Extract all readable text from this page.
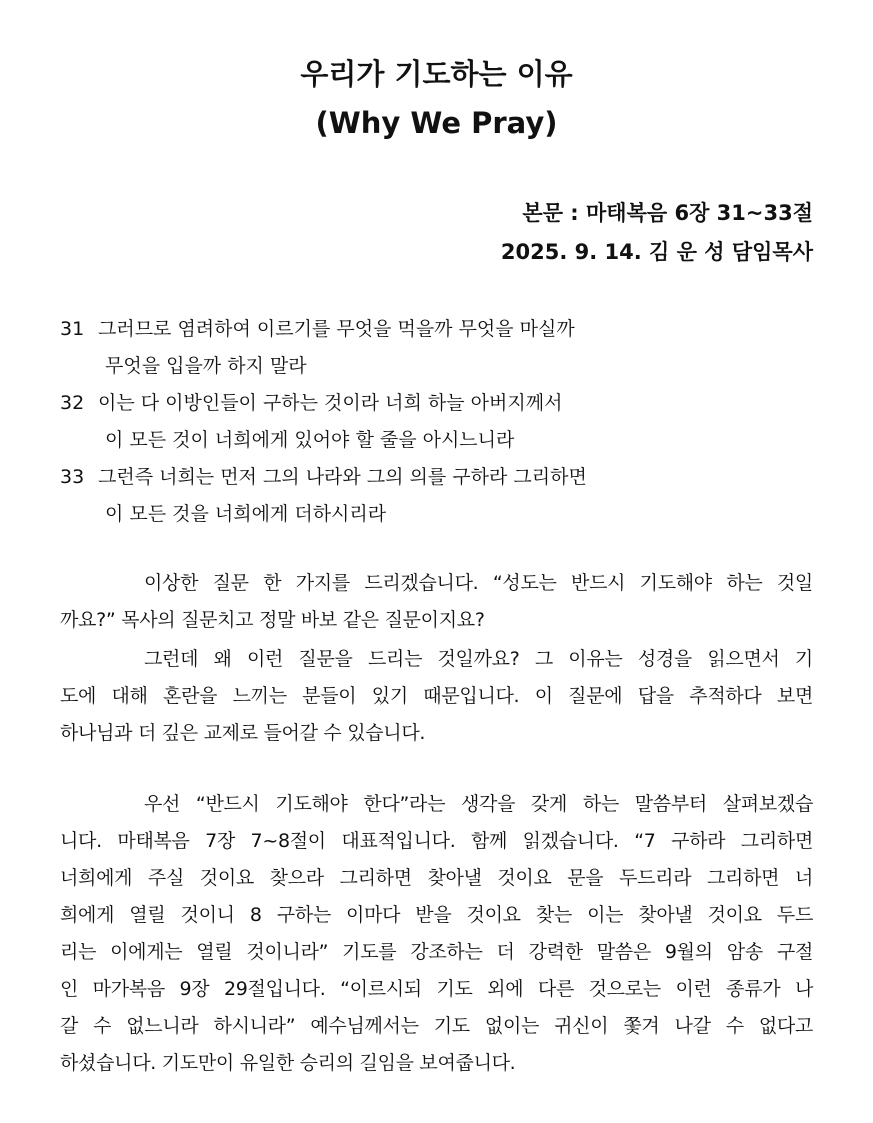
우리가 기도하는 이유
(Why We Pray)
본문 : 마태복음 6장 31~33절
2025. 9. 14. 김 운 성 담임목사
31 그러므로 염려하여 이르기를 무엇을 먹을까 무엇을 마실까
무엇을 입을까 하지 말라
32 이는 다 이방인들이 구하는 것이라 너희 하늘 아버지께서
이 모든 것이 너희에게 있어야 할 줄을 아시느니라
33 그런즉 너희는 먼저 그의 나라와 그의 의를 구하라 그리하면
이 모든 것을 너희에게 더하시리라
이상한 질문 한 가지를 드리겠습니다. “성도는 반드시 기도해야 하는 것일
까요?” 목사의 질문치고 정말 바보 같은 질문이지요?
그런데 왜 이런 질문을 드리는 것일까요? 그 이유는 성경을 읽으면서 기
도에 대해 혼란을 느끼는 분들이 있기 때문입니다. 이 질문에 답을 추적하다 보면
하나님과 더 깊은 교제로 들어갈 수 있습니다.
우선 “반드시 기도해야 한다”라는 생각을 갖게 하는 말씀부터 살펴보겠습
니다. 마태복음 7장 7~8절이 대표적입니다. 함께 읽겠습니다. “7 구하라 그리하면
너희에게 주실 것이요 찾으라 그리하면 찾아낼 것이요 문을 두드리라 그리하면 너
희에게 열릴 것이니 8 구하는 이마다 받을 것이요 찾는 이는 찾아낼 것이요 두드
리는 이에게는 열릴 것이니라” 기도를 강조하는 더 강력한 말씀은 9월의 암송 구절
인 마가복음 9장 29절입니다. “이르시되 기도 외에 다른 것으로는 이런 종류가 나
갈 수 없느니라 하시니라” 예수님께서는 기도 없이는 귀신이 쫓겨 나갈 수 없다고
하셨습니다. 기도만이 유일한 승리의 길임을 보여줍니다.
